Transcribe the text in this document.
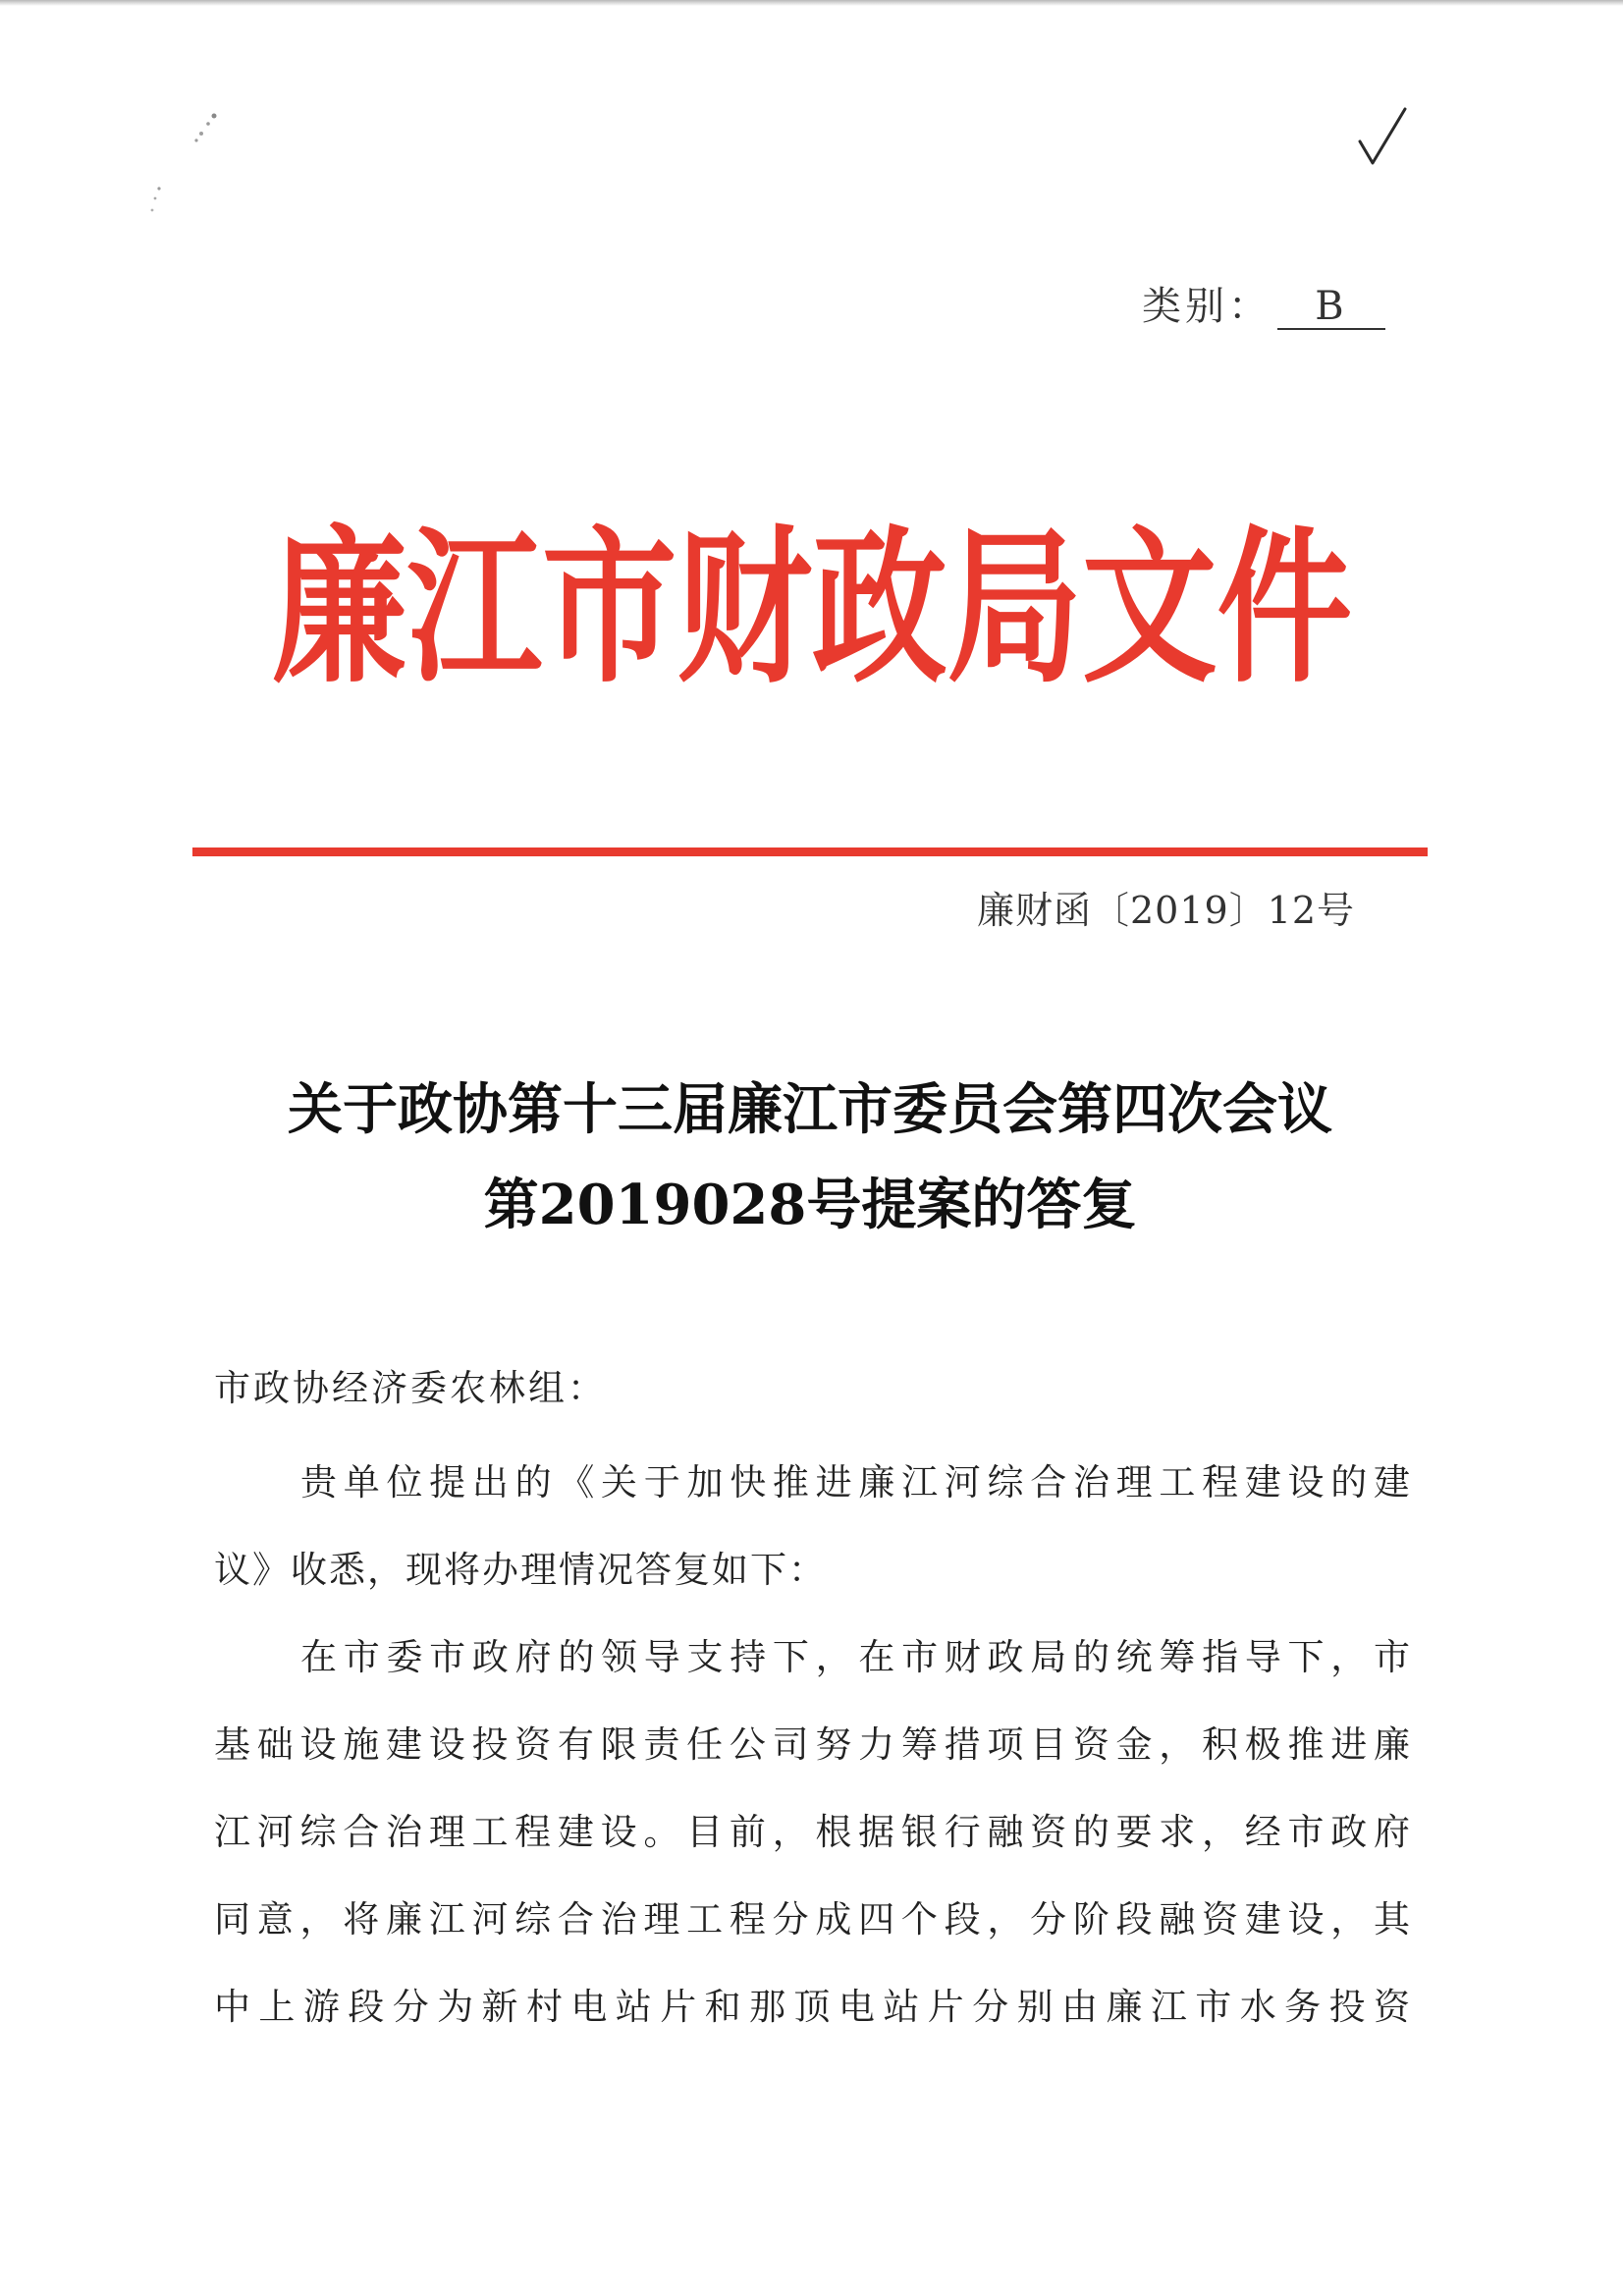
类别： B
廉江市财政局文件
廉财函〔2019〕12号
关于政协第十三届廉江市委员会第四次会议
第2019028号提案的答复
市政协经济委农林组：
贵单位提出的《关于加快推进廉江河综合治理工程建设的建
议》收悉，现将办理情况答复如下：
在市委市政府的领导支持下，在市财政局的统筹指导下，市
基础设施建设投资有限责任公司努力筹措项目资金，积极推进廉
江河综合治理工程建设。目前，根据银行融资的要求，经市政府
同意，将廉江河综合治理工程分成四个段，分阶段融资建设，其
中上游段分为新村电站片和那顶电站片分别由廉江市水务投资
